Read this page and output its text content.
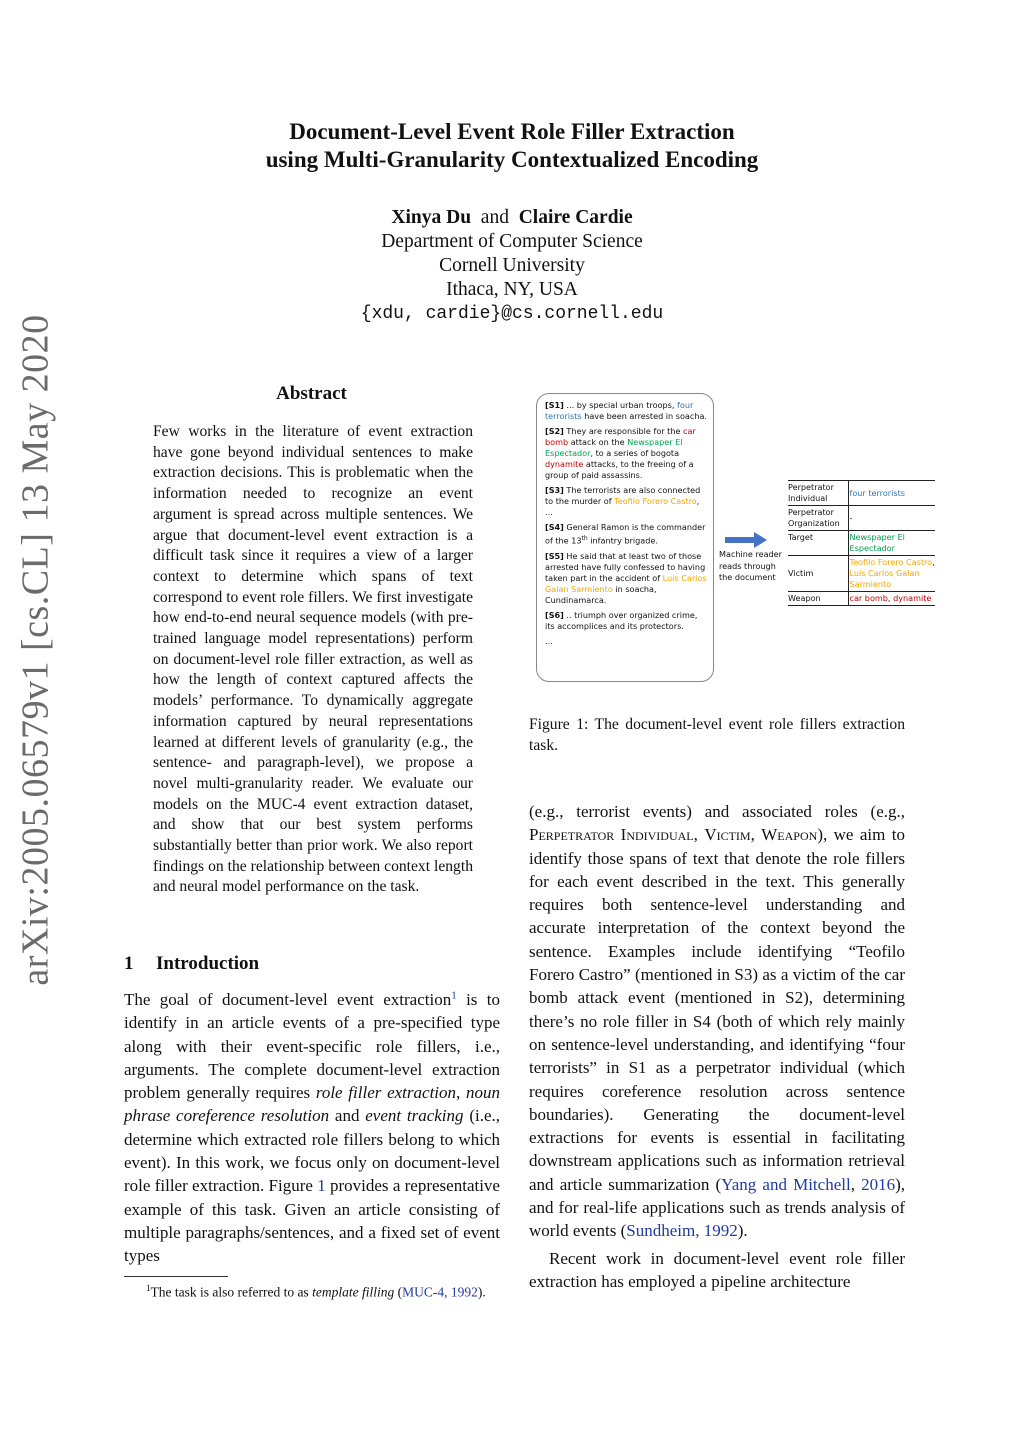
arXiv:2005.06579v1 [cs.CL] 13 May 2020
Document-Level Event Role Filler Extraction
using Multi-Granularity Contextualized Encoding
Xinya Du and Claire Cardie
Department of Computer Science
Cornell University
Ithaca, NY, USA
{xdu, cardie}@cs.cornell.edu
Abstract
Few works in the literature of event extraction have gone beyond individual sentences to make extraction decisions. This is problematic when the information needed to recognize an event argument is spread across multiple sentences. We argue that document-level event extraction is a difficult task since it requires a view of a larger context to determine which spans of text correspond to event role fillers. We first investigate how end-to-end neural sequence models (with pre-trained language model representations) perform on document-level role filler extraction, as well as how the length of context captured affects the models’ performance. To dynamically aggregate information captured by neural representations learned at different levels of granularity (e.g., the sentence- and paragraph-level), we propose a novel multi-granularity reader. We evaluate our models on the MUC-4 event extraction dataset, and show that our best system performs substantially better than prior work. We also report findings on the relationship between context length and neural model performance on the task.
1 Introduction
The goal of document-level event extraction$^1$ is to identify in an article events of a pre-specified type along with their event-specific role fillers, i.e., arguments. The complete document-level extraction problem generally requires role filler extraction, noun phrase coreference resolution and event tracking (i.e., determine which extracted role fillers belong to which event). In this work, we focus only on document-level role filler extraction. Figure 1 provides a representative example of this task. Given an article consisting of multiple paragraphs/sentences, and a fixed set of event types
$^1$The task is also referred to as template filling (MUC-4, 1992).
[S1] ... by special urban troops, four terrorists have been arrested in soacha.
[S2] They are responsible for the car bomb attack on the Newspaper El Espectador, to a series of bogota dynamite attacks, to the freeing of a group of paid assassins.
[S3] The terrorists are also connected to the murder of Teofilo Forero Castro, ...
[S4] General Ramon is the commander of the 13th infantry brigade.
[S5] He said that at least two of those arrested have fully confessed to having taken part in the accident of Luis Carlos Galan Sarmiento in soacha, Cundinamarca.
[S6] .. triumph over organized crime, its accomplices and its protectors.
...
Machine reader reads through the document
Perpetrator Individual	four terrorists
Perpetrator Organization	-
Target	Newspaper El Espectador
Victim	Teofilo Forero Castro, Luis Carlos Galan Sarmiento
Weapon	car bomb, dynamite
Figure 1: The document-level event role fillers extraction task.

(e.g., terrorist events) and associated roles (e.g., Perpetrator Individual, Victim, Weapon), we aim to identify those spans of text that denote the role fillers for each event described in the text. This generally requires both sentence-level understanding and accurate interpretation of the context beyond the sentence. Examples include identifying “Teofilo Forero Castro” (mentioned in S3) as a victim of the car bomb attack event (mentioned in S2), determining there’s no role filler in S4 (both of which rely mainly on sentence-level understanding, and identifying “four terrorists” in S1 as a perpetrator individual (which requires coreference resolution across sentence boundaries). Generating the document-level extractions for events is essential in facilitating downstream applications such as information retrieval and article summarization (Yang and Mitchell, 2016), and for real-life applications such as trends analysis of world events (Sundheim, 1992).

Recent work in document-level event role filler extraction has employed a pipeline architecture
